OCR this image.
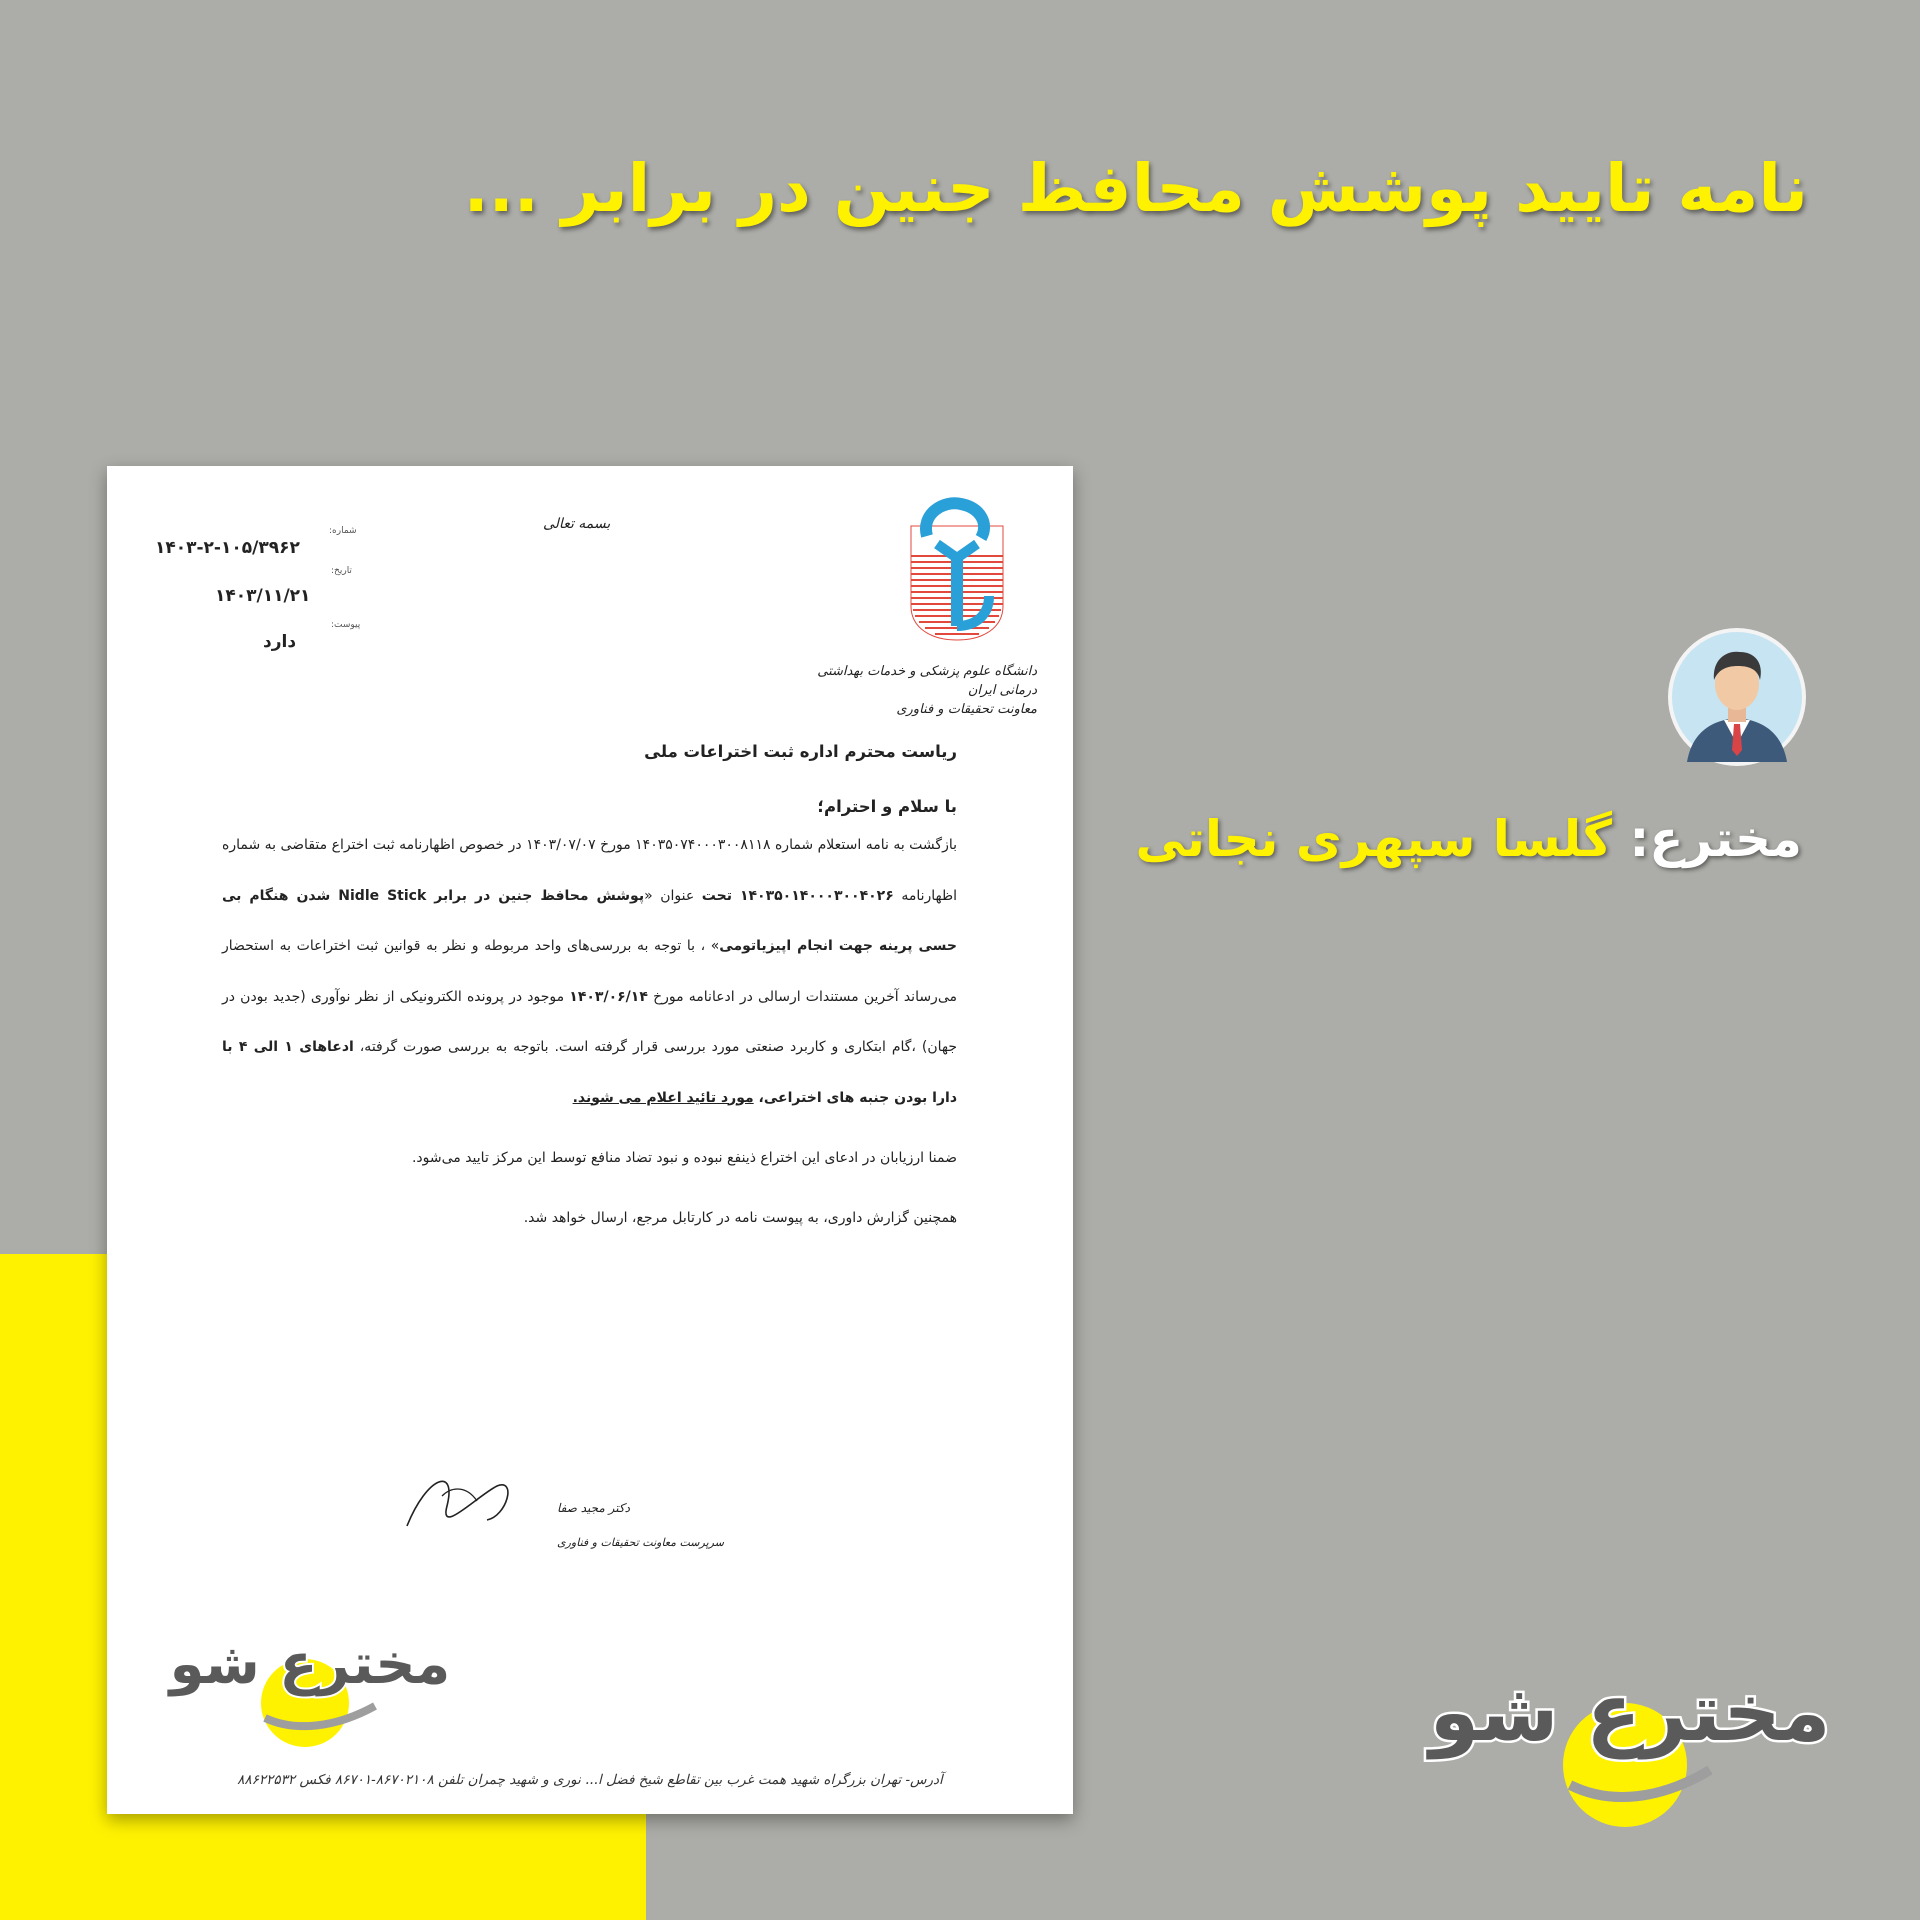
نامه تایید پوشش محافظ جنین در برابر ...
مخترع: گلسا سپهری نجاتی
مخترع شو
دانشگاه علوم پزشکی و خدمات بهداشتی درمانی ایران
معاونت تحقیقات و فناوری
بسمه تعالی
شماره:
۱۴۰۳-۲-۱۰۵/۳۹۶۲
تاریخ:
۱۴۰۳/۱۱/۲۱
پیوست:
دارد
ریاست محترم اداره ثبت اختراعات ملی
با سلام و احترام؛

بازگشت به نامه استعلام شماره ۱۴۰۳۵۰۷۴۰۰۰۳۰۰۸۱۱۸ مورخ ۱۴۰۳/۰۷/۰۷ در خصوص اظهارنامه ثبت اختراع متقاضی به شماره اظهارنامه ۱۴۰۳۵۰۱۴۰۰۰۳۰۰۴۰۲۶ تحت عنوان «پوشش محافظ جنین در برابر Nidle Stick شدن هنگام بی حسی پرینه جهت انجام اپیزیاتومی» ، با توجه به بررسی‌های واحد مربوطه و نظر به قوانین ثبت اختراعات به استحضار می‌رساند آخرین مستندات ارسالی در ادعانامه مورخ ۱۴۰۳/۰۶/۱۴ موجود در پرونده الکترونیکی از نظر نوآوری (جدید بودن در جهان) ،گام ابتکاری و کاربرد صنعتی مورد بررسی قرار گرفته است. باتوجه به بررسی صورت گرفته، ادعاهای ۱ الی ۴ با دارا بودن جنبه های اختراعی، مورد تائید اعلام می شوند.

ضمنا ارزیابان در ادعای این اختراع ذینفع نبوده و نبود تضاد منافع توسط این مرکز تایید می‌شود.

همچنین گزارش داوری، به پیوست نامه در کارتابل مرجع، ارسال خواهد شد.

دکتر مجید صفا
سرپرست معاونت تحقیقات و فناوری
مخترع شو
آدرس- تهران بزرگراه شهید همت غرب بین تقاطع شیخ فضل ا... نوری و شهید چمران تلفن ۸۶۷۰۲۱۰۸-۸۶۷۰۱ فکس ۸۸۶۲۲۵۳۲
